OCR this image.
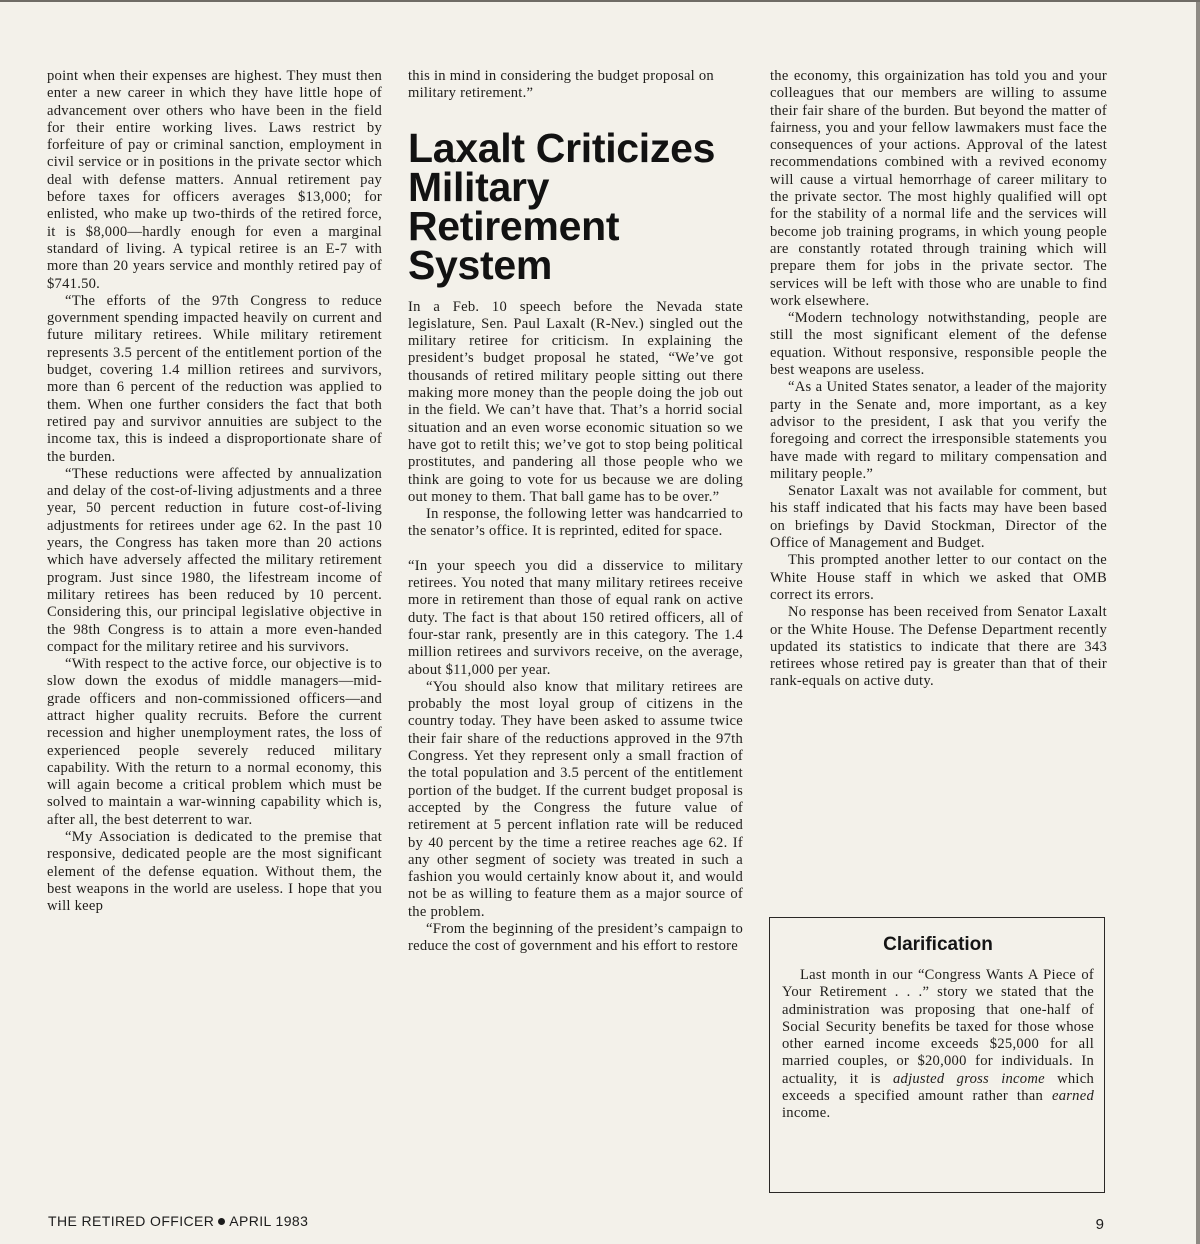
point when their expenses are highest. They must then enter a new career in which they have little hope of advancement over others who have been in the field for their entire working lives. Laws restrict by forfeiture of pay or criminal sanction, employment in civil service or in positions in the private sector which deal with defense matters. Annual retirement pay before taxes for officers averages $13,000; for enlisted, who make up two-thirds of the retired force, it is $8,000—hardly enough for even a marginal standard of living. A typical retiree is an E-7 with more than 20 years service and monthly retired pay of $741.50.

“The efforts of the 97th Congress to reduce government spending impacted heavily on current and future military retirees. While military retirement represents 3.5 percent of the entitlement portion of the budget, covering 1.4 million retirees and survivors, more than 6 percent of the reduction was applied to them. When one further considers the fact that both retired pay and survivor annuities are subject to the income tax, this is indeed a disproportionate share of the burden.

“These reductions were affected by annualization and delay of the cost-of-living adjustments and a three year, 50 percent reduction in future cost-of-living adjustments for retirees under age 62. In the past 10 years, the Congress has taken more than 20 actions which have adversely affected the military retirement program. Just since 1980, the lifestream income of military retirees has been reduced by 10 percent. Considering this, our principal legislative objective in the 98th Congress is to attain a more even-handed compact for the military retiree and his survivors.

“With respect to the active force, our objective is to slow down the exodus of middle managers—mid-grade officers and non-commissioned officers—and attract higher quality recruits. Before the current recession and higher unemployment rates, the loss of experienced people severely reduced military capability. With the return to a normal economy, this will again become a critical problem which must be solved to maintain a war-winning capability which is, after all, the best deterrent to war.

“My Association is dedicated to the premise that responsive, dedicated people are the most significant element of the defense equation. Without them, the best weapons in the world are useless. I hope that you will keep

this in mind in considering the budget proposal on military retirement.”

Laxalt Criticizes Military Retirement System

In a Feb. 10 speech before the Nevada state legislature, Sen. Paul Laxalt (R-Nev.) singled out the military retiree for criticism. In explaining the president’s budget proposal he stated, “We’ve got thousands of retired military people sitting out there making more money than the people doing the job out in the field. We can’t have that. That’s a horrid social situation and an even worse economic situation so we have got to retilt this; we’ve got to stop being political prostitutes, and pandering all those people who we think are going to vote for us because we are doling out money to them. That ball game has to be over.”

In response, the following letter was handcarried to the senator’s office. It is reprinted, edited for space.

“In your speech you did a disservice to military retirees. You noted that many military retirees receive more in retirement than those of equal rank on active duty. The fact is that about 150 retired officers, all of four-star rank, presently are in this category. The 1.4 million retirees and survivors receive, on the average, about $11,000 per year.

“You should also know that military retirees are probably the most loyal group of citizens in the country today. They have been asked to assume twice their fair share of the reductions approved in the 97th Congress. Yet they represent only a small fraction of the total population and 3.5 percent of the entitlement portion of the budget. If the current budget proposal is accepted by the Congress the future value of retirement at 5 percent inflation rate will be reduced by 40 percent by the time a retiree reaches age 62. If any other segment of society was treated in such a fashion you would certainly know about it, and would not be as willing to feature them as a major source of the problem.

“From the beginning of the president’s campaign to reduce the cost of government and his effort to restore

the economy, this orgainization has told you and your colleagues that our members are willing to assume their fair share of the burden. But beyond the matter of fairness, you and your fellow lawmakers must face the consequences of your actions. Approval of the latest recommendations combined with a revived economy will cause a virtual hemorrhage of career military to the private sector. The most highly qualified will opt for the stability of a normal life and the services will become job training programs, in which young people are constantly rotated through training which will prepare them for jobs in the private sector. The services will be left with those who are unable to find work elsewhere.

“Modern technology notwithstanding, people are still the most significant element of the defense equation. Without responsive, responsible people the best weapons are useless.

“As a United States senator, a leader of the majority party in the Senate and, more important, as a key advisor to the president, I ask that you verify the foregoing and correct the irresponsible statements you have made with regard to military compensation and military people.”

Senator Laxalt was not available for comment, but his staff indicated that his facts may have been based on briefings by David Stockman, Director of the Office of Management and Budget.

This prompted another letter to our contact on the White House staff in which we asked that OMB correct its errors.

No response has been received from Senator Laxalt or the White House. The Defense Department recently updated its statistics to indicate that there are 343 retirees whose retired pay is greater than that of their rank-equals on active duty.

Clarification

Last month in our “Congress Wants A Piece of Your Retirement . . .” story we stated that the administration was proposing that one-half of Social Security benefits be taxed for those whose other earned income exceeds $25,000 for all married couples, or $20,000 for individuals. In actuality, it is adjusted gross income which exceeds a specified amount rather than earned income.

THE RETIRED OFFICER APRIL 1983	9
